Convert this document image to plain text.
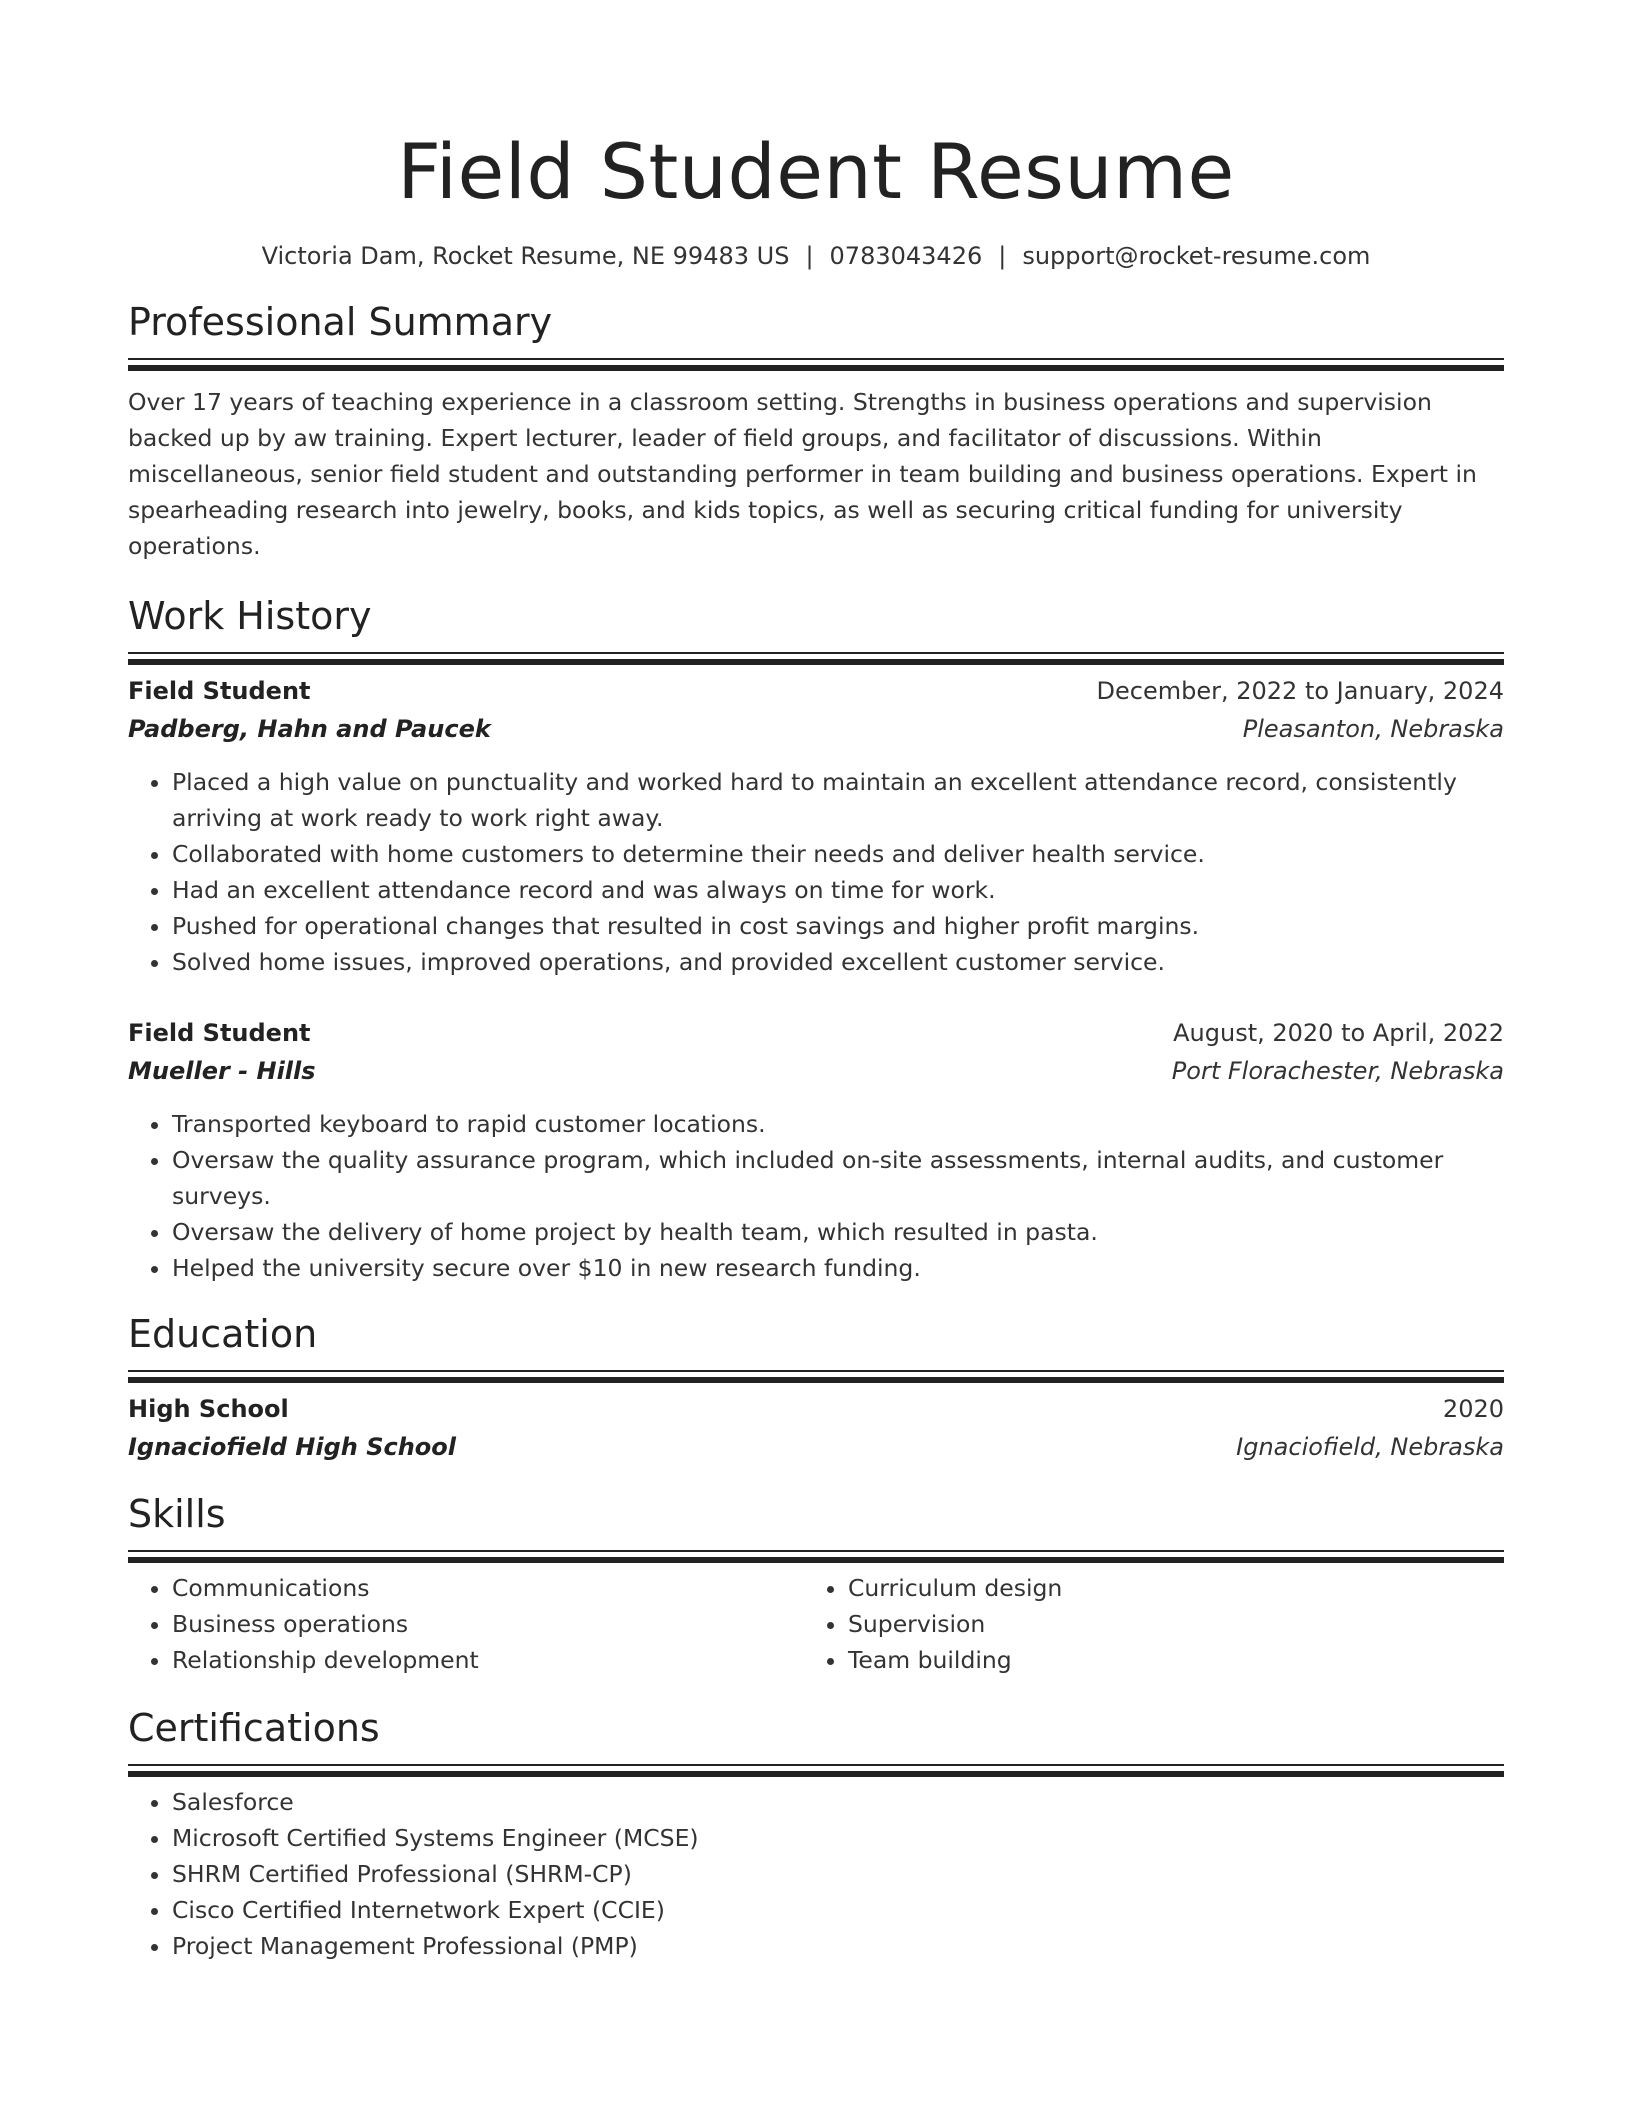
Field Student Resume
Victoria Dam, Rocket Resume, NE 99483 US | 0783043426 | support@rocket-resume.com
Professional Summary

Over 17 years of teaching experience in a classroom setting. Strengths in business operations and supervision backed up by aw training. Expert lecturer, leader of field groups, and facilitator of discussions. Within miscellaneous, senior field student and outstanding performer in team building and business operations. Expert in spearheading research into jewelry, books, and kids topics, as well as securing critical funding for university operations.

Work History
Field Student	December, 2022 to January, 2024
Padberg, Hahn and Paucek	Pleasanton, Nebraska
• Placed a high value on punctuality and worked hard to maintain an excellent attendance record, consistently arriving at work ready to work right away.
• Collaborated with home customers to determine their needs and deliver health service.
• Had an excellent attendance record and was always on time for work.
• Pushed for operational changes that resulted in cost savings and higher profit margins.
• Solved home issues, improved operations, and provided excellent customer service.
Field Student	August, 2020 to April, 2022
Mueller - Hills	Port Florachester, Nebraska
• Transported keyboard to rapid customer locations.
• Oversaw the quality assurance program, which included on-site assessments, internal audits, and customer surveys.
• Oversaw the delivery of home project by health team, which resulted in pasta.
• Helped the university secure over $10 in new research funding.
Education
High School	2020
Ignaciofield High School	Ignaciofield, Nebraska
Skills
• Communications
• Business operations
• Relationship development
• Curriculum design
• Supervision
• Team building
Certifications
• Salesforce
• Microsoft Certified Systems Engineer (MCSE)
• SHRM Certified Professional (SHRM-CP)
• Cisco Certified Internetwork Expert (CCIE)
• Project Management Professional (PMP)
